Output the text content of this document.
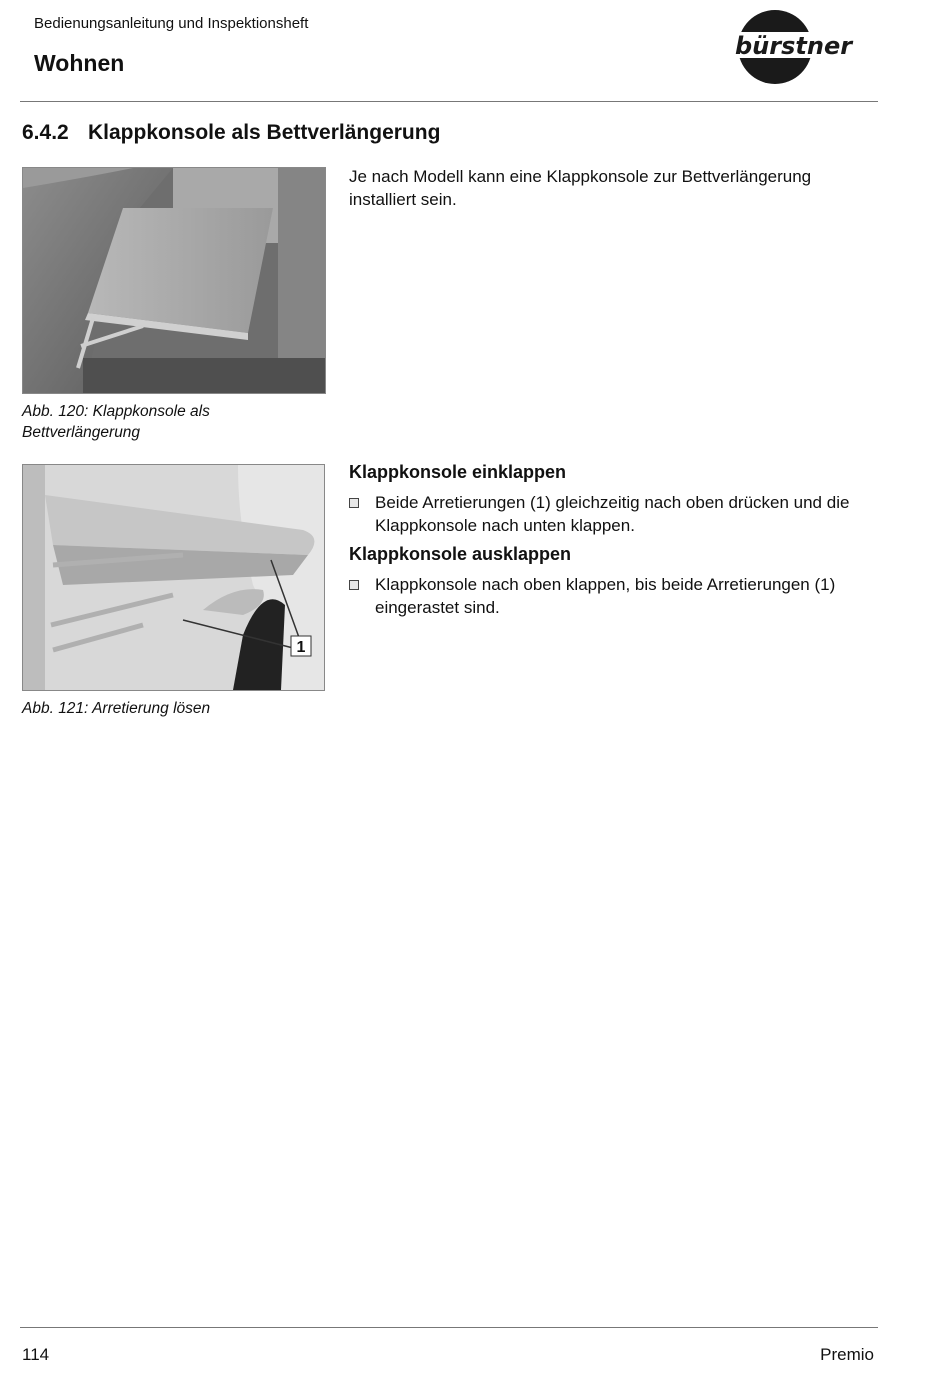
Bedienungsanleitung und Inspektionsheft
Wohnen
bürstner
6.4.2 Klappkonsole als Bettverlängerung
Abb. 120: Klappkonsole als
Bettverlängerung
1
Abb. 121: Arretierung lösen
Je nach Modell kann eine Klappkonsole zur Bettverlängerung installiert sein.
Klappkonsole einklappen
Beide Arretierungen (1) gleichzeitig nach oben drücken und die Klappkonsole nach unten klappen.
Klappkonsole ausklappen
Klappkonsole nach oben klappen, bis beide Arretierungen (1) eingerastet sind.
114	Premio
